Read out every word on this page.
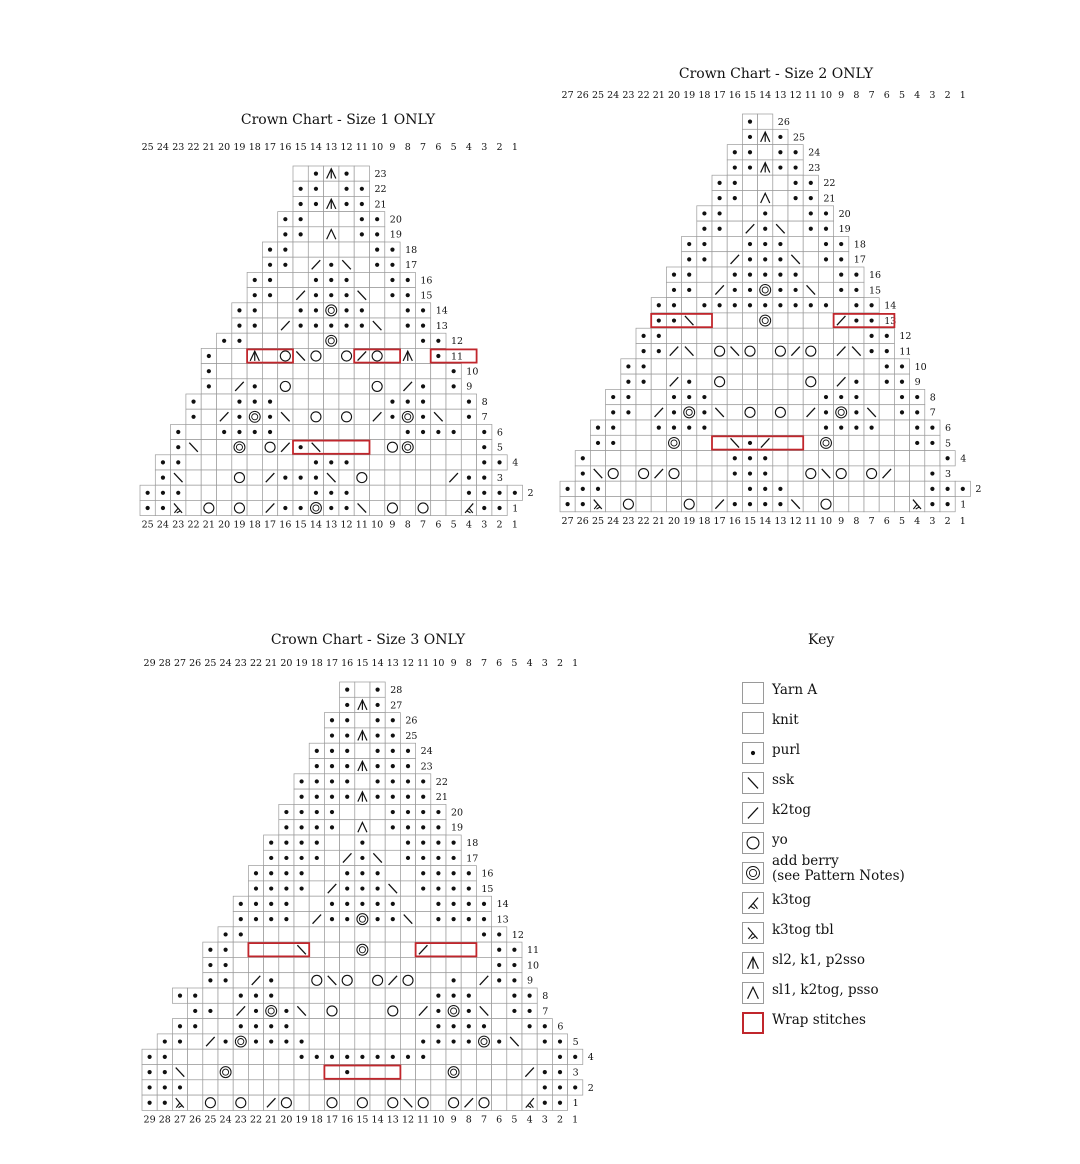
Crown Chart - Size 1 ONLY
25 24 23 22 21 20 19 18 17 16 15 14 13 12 11 10 9 8 7 6 5 4 3 2 1
25 24 23 22 21 20 19 18 17 16 15 14 13 12 11 10 9 8 7 6 5 4 3 2 1
23
22
21
20
19
18
17
16
15
14
13
12
11
10
9
8
7
6
5
4
3
2
1
Crown Chart - Size 2 ONLY
27 26 25 24 23 22 21 20 19 18 17 16 15 14 13 12 11 10 9 8 7 6 5 4 3 2 1
27 26 25 24 23 22 21 20 19 18 17 16 15 14 13 12 11 10 9 8 7 6 5 4 3 2 1
26
25
24
23
22
21
20
19
18
17
16
15
14
13
12
11
10
9
8
7
6
5
4
3
2
1
Crown Chart - Size 3 ONLY
29 28 27 26 25 24 23 22 21 20 19 18 17 16 15 14 13 12 11 10 9 8 7 6 5 4 3 2 1
29 28 27 26 25 24 23 22 21 20 19 18 17 16 15 14 13 12 11 10 9 8 7 6 5 4 3 2 1
28
27
26
25
24
23
22
21
20
19
18
17
16
15
14
13
12
11
10
9
8
7
6
5
4
3
2
1
Key
Yarn A
knit
purl
ssk
k2tog
yo
add berry
(see Pattern Notes)
k3tog
k3tog tbl
sl2, k1, p2sso
sl1, k2tog, psso
Wrap stitches
